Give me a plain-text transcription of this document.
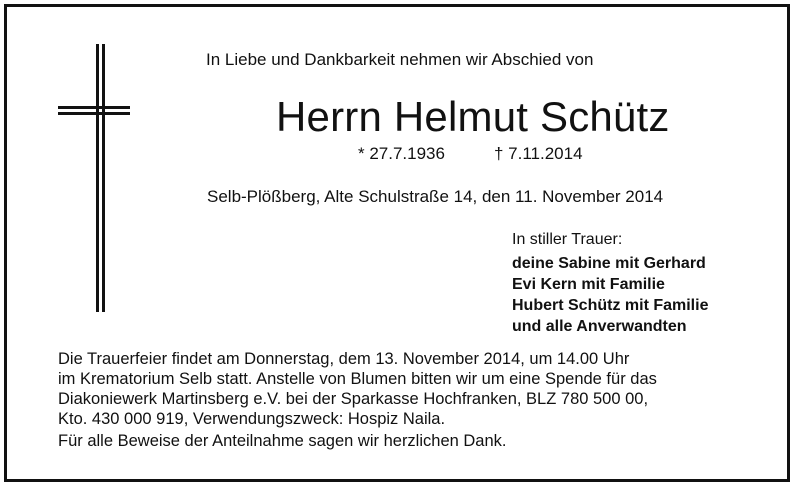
In Liebe und Dankbarkeit nehmen wir Abschied von
Herrn Helmut Schütz
* 27.7.1936	† 7.11.2014
Selb-Plößberg, Alte Schulstraße 14, den 11. November 2014
In stiller Trauer:
deine Sabine mit Gerhard
Evi Kern mit Familie
Hubert Schütz mit Familie
und alle Anverwandten
Die Trauerfeier findet am Donnerstag, dem 13. November 2014, um 14.00 Uhr
im Krematorium Selb statt. Anstelle von Blumen bitten wir um eine Spende für das
Diakoniewerk Martinsberg e.V. bei der Sparkasse Hochfranken, BLZ 780 500 00,
Kto. 430 000 919, Verwendungszweck: Hospiz Naila.
Für alle Beweise der Anteilnahme sagen wir herzlichen Dank.
